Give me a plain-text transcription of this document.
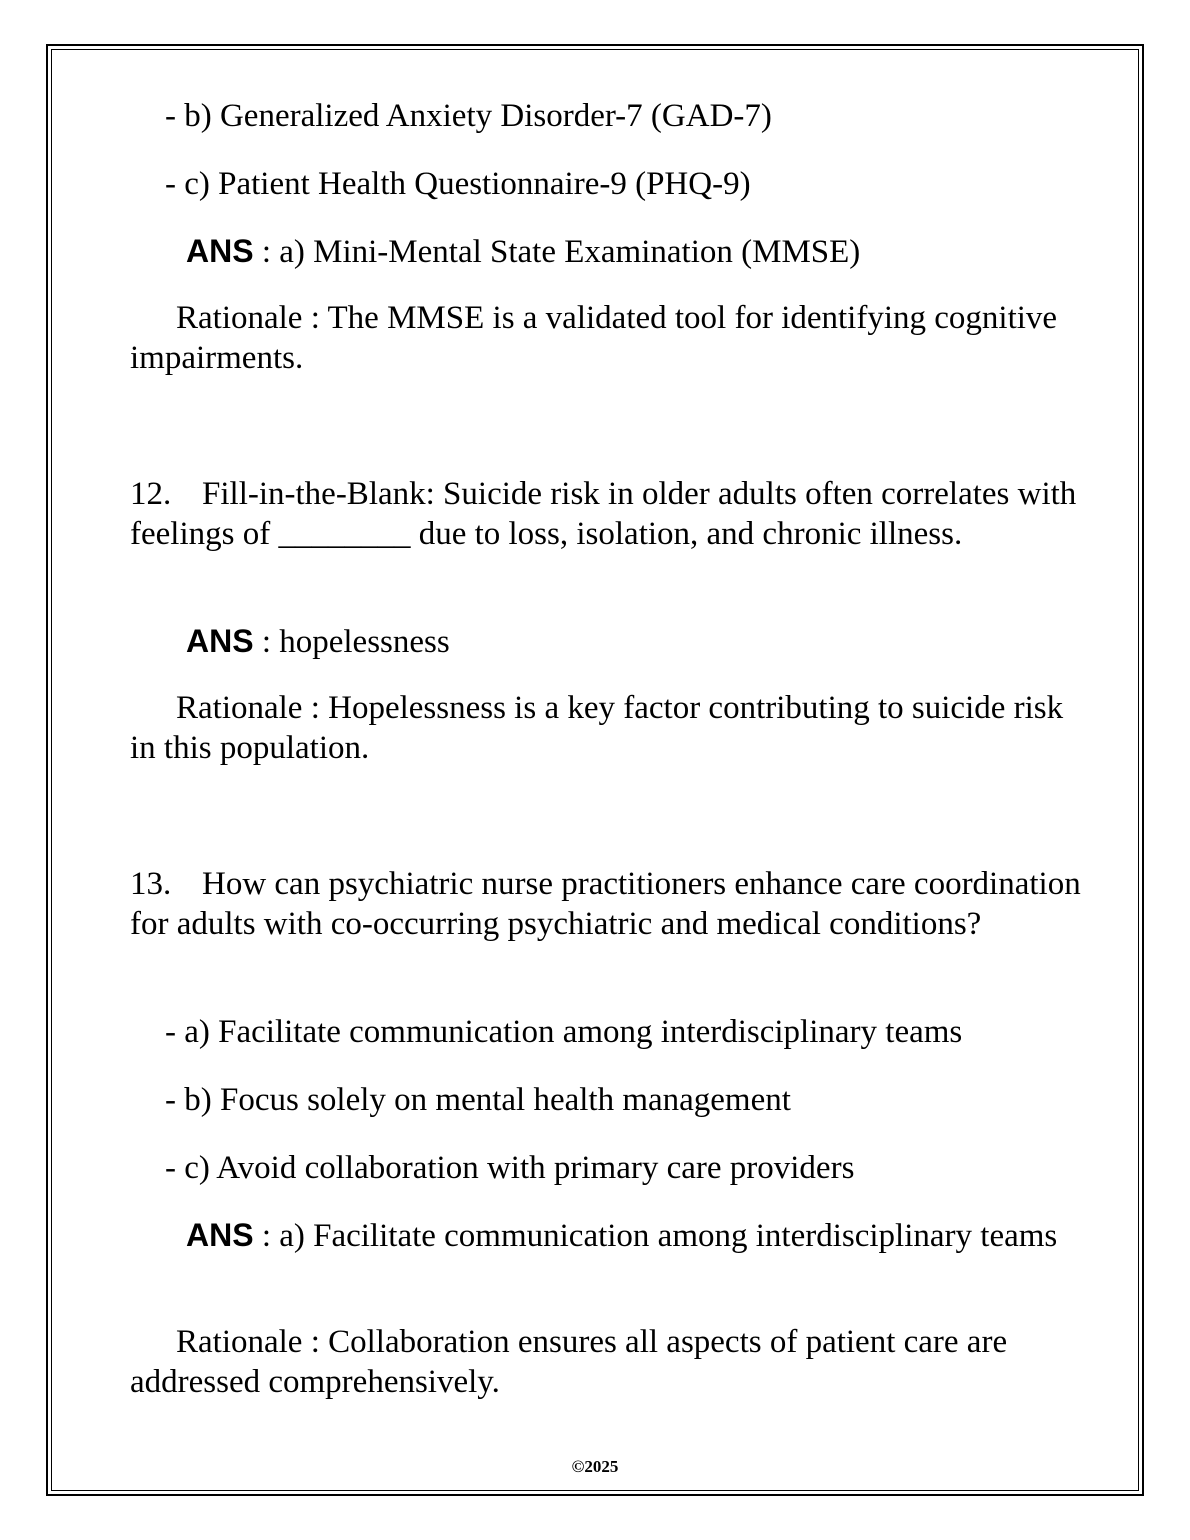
- b) Generalized Anxiety Disorder-7 (GAD-7)
- c) Patient Health Questionnaire-9 (PHQ-9)
ANS : a) Mini-Mental State Examination (MMSE)
Rationale : The MMSE is a validated tool for identifying cognitive impairments.
12. Fill-in-the-Blank: Suicide risk in older adults often correlates with feelings of ________ due to loss, isolation, and chronic illness.
ANS : hopelessness
Rationale : Hopelessness is a key factor contributing to suicide risk in this population.
13. How can psychiatric nurse practitioners enhance care coordination for adults with co-occurring psychiatric and medical conditions?
- a) Facilitate communication among interdisciplinary teams
- b) Focus solely on mental health management
- c) Avoid collaboration with primary care providers
ANS : a) Facilitate communication among interdisciplinary teams
Rationale : Collaboration ensures all aspects of patient care are addressed comprehensively.
©2025
